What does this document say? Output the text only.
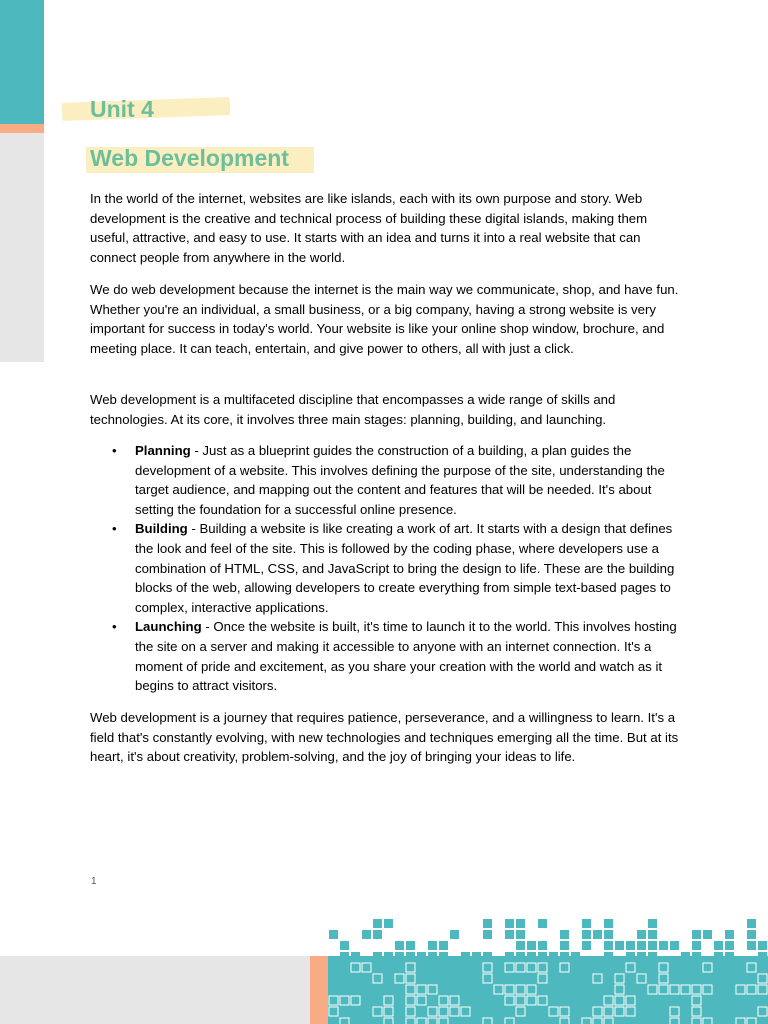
Unit 4
Web Development

In the world of the internet, websites are like islands, each with its own purpose and story. Web development is the creative and technical process of building these digital islands, making them useful, attractive, and easy to use. It starts with an idea and turns it into a real website that can connect people from anywhere in the world.

We do web development because the internet is the main way we communicate, shop, and have fun. Whether you're an individual, a small business, or a big company, having a strong website is very important for success in today's world. Your website is like your online shop window, brochure, and meeting place. It can teach, entertain, and give power to others, all with just a click.

Web development is a multifaceted discipline that encompasses a wide range of skills and technologies. At its core, it involves three main stages: planning, building, and launching.

• Planning - Just as a blueprint guides the construction of a building, a plan guides the development of a website. This involves defining the purpose of the site, understanding the target audience, and mapping out the content and features that will be needed. It's about setting the foundation for a successful online presence.
• Building - Building a website is like creating a work of art. It starts with a design that defines the look and feel of the site. This is followed by the coding phase, where developers use a combination of HTML, CSS, and JavaScript to bring the design to life. These are the building blocks of the web, allowing developers to create everything from simple text-based pages to complex, interactive applications.
• Launching - Once the website is built, it's time to launch it to the world. This involves hosting the site on a server and making it accessible to anyone with an internet connection. It's a moment of pride and excitement, as you share your creation with the world and watch as it begins to attract visitors.

Web development is a journey that requires patience, perseverance, and a willingness to learn. It's a field that's constantly evolving, with new technologies and techniques emerging all the time. But at its heart, it's about creativity, problem-solving, and the joy of bringing your ideas to life.

1
